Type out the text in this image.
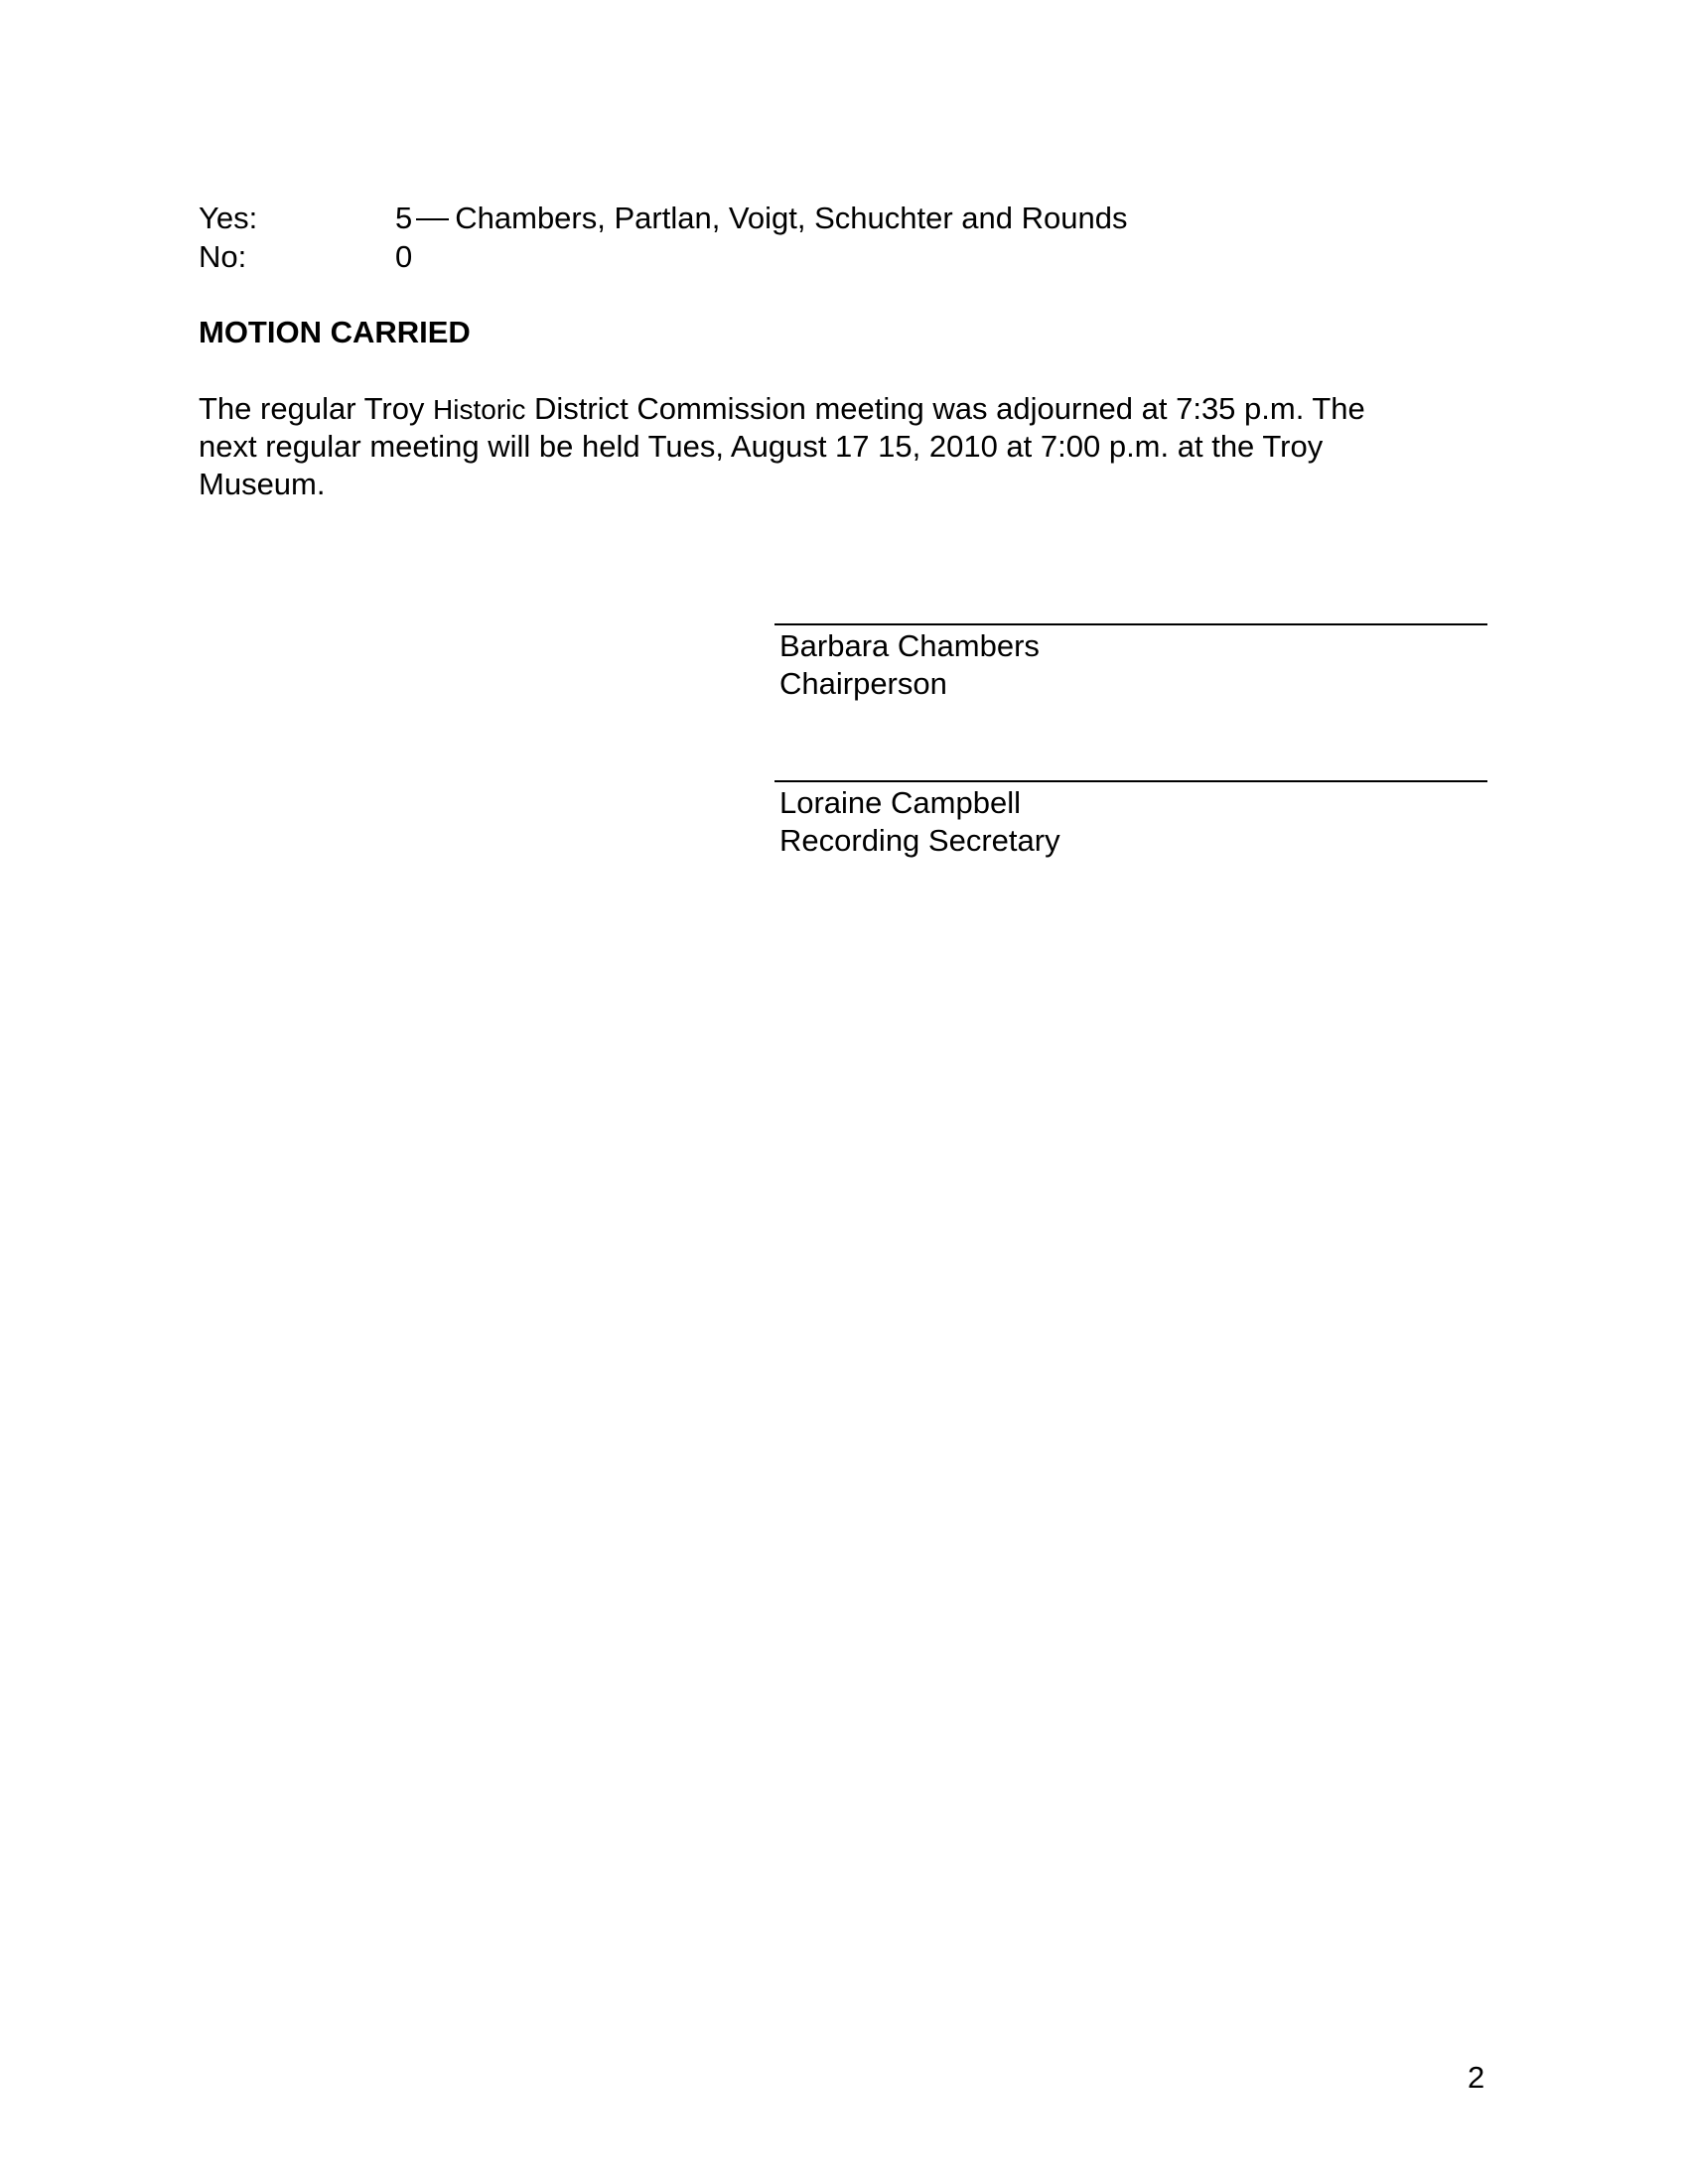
Yes:	5 Chambers, Partlan, Voigt, Schuchter and Rounds

No:	0

MOTION CARRIED

The regular Troy Historic District Commission meeting was adjourned at 7:35 p.m. The

next regular meeting will be held Tues, August 17 15, 2010 at 7:00 p.m. at the Troy

Museum.

Barbara Chambers

Chairperson

Loraine Campbell

Recording Secretary

2
